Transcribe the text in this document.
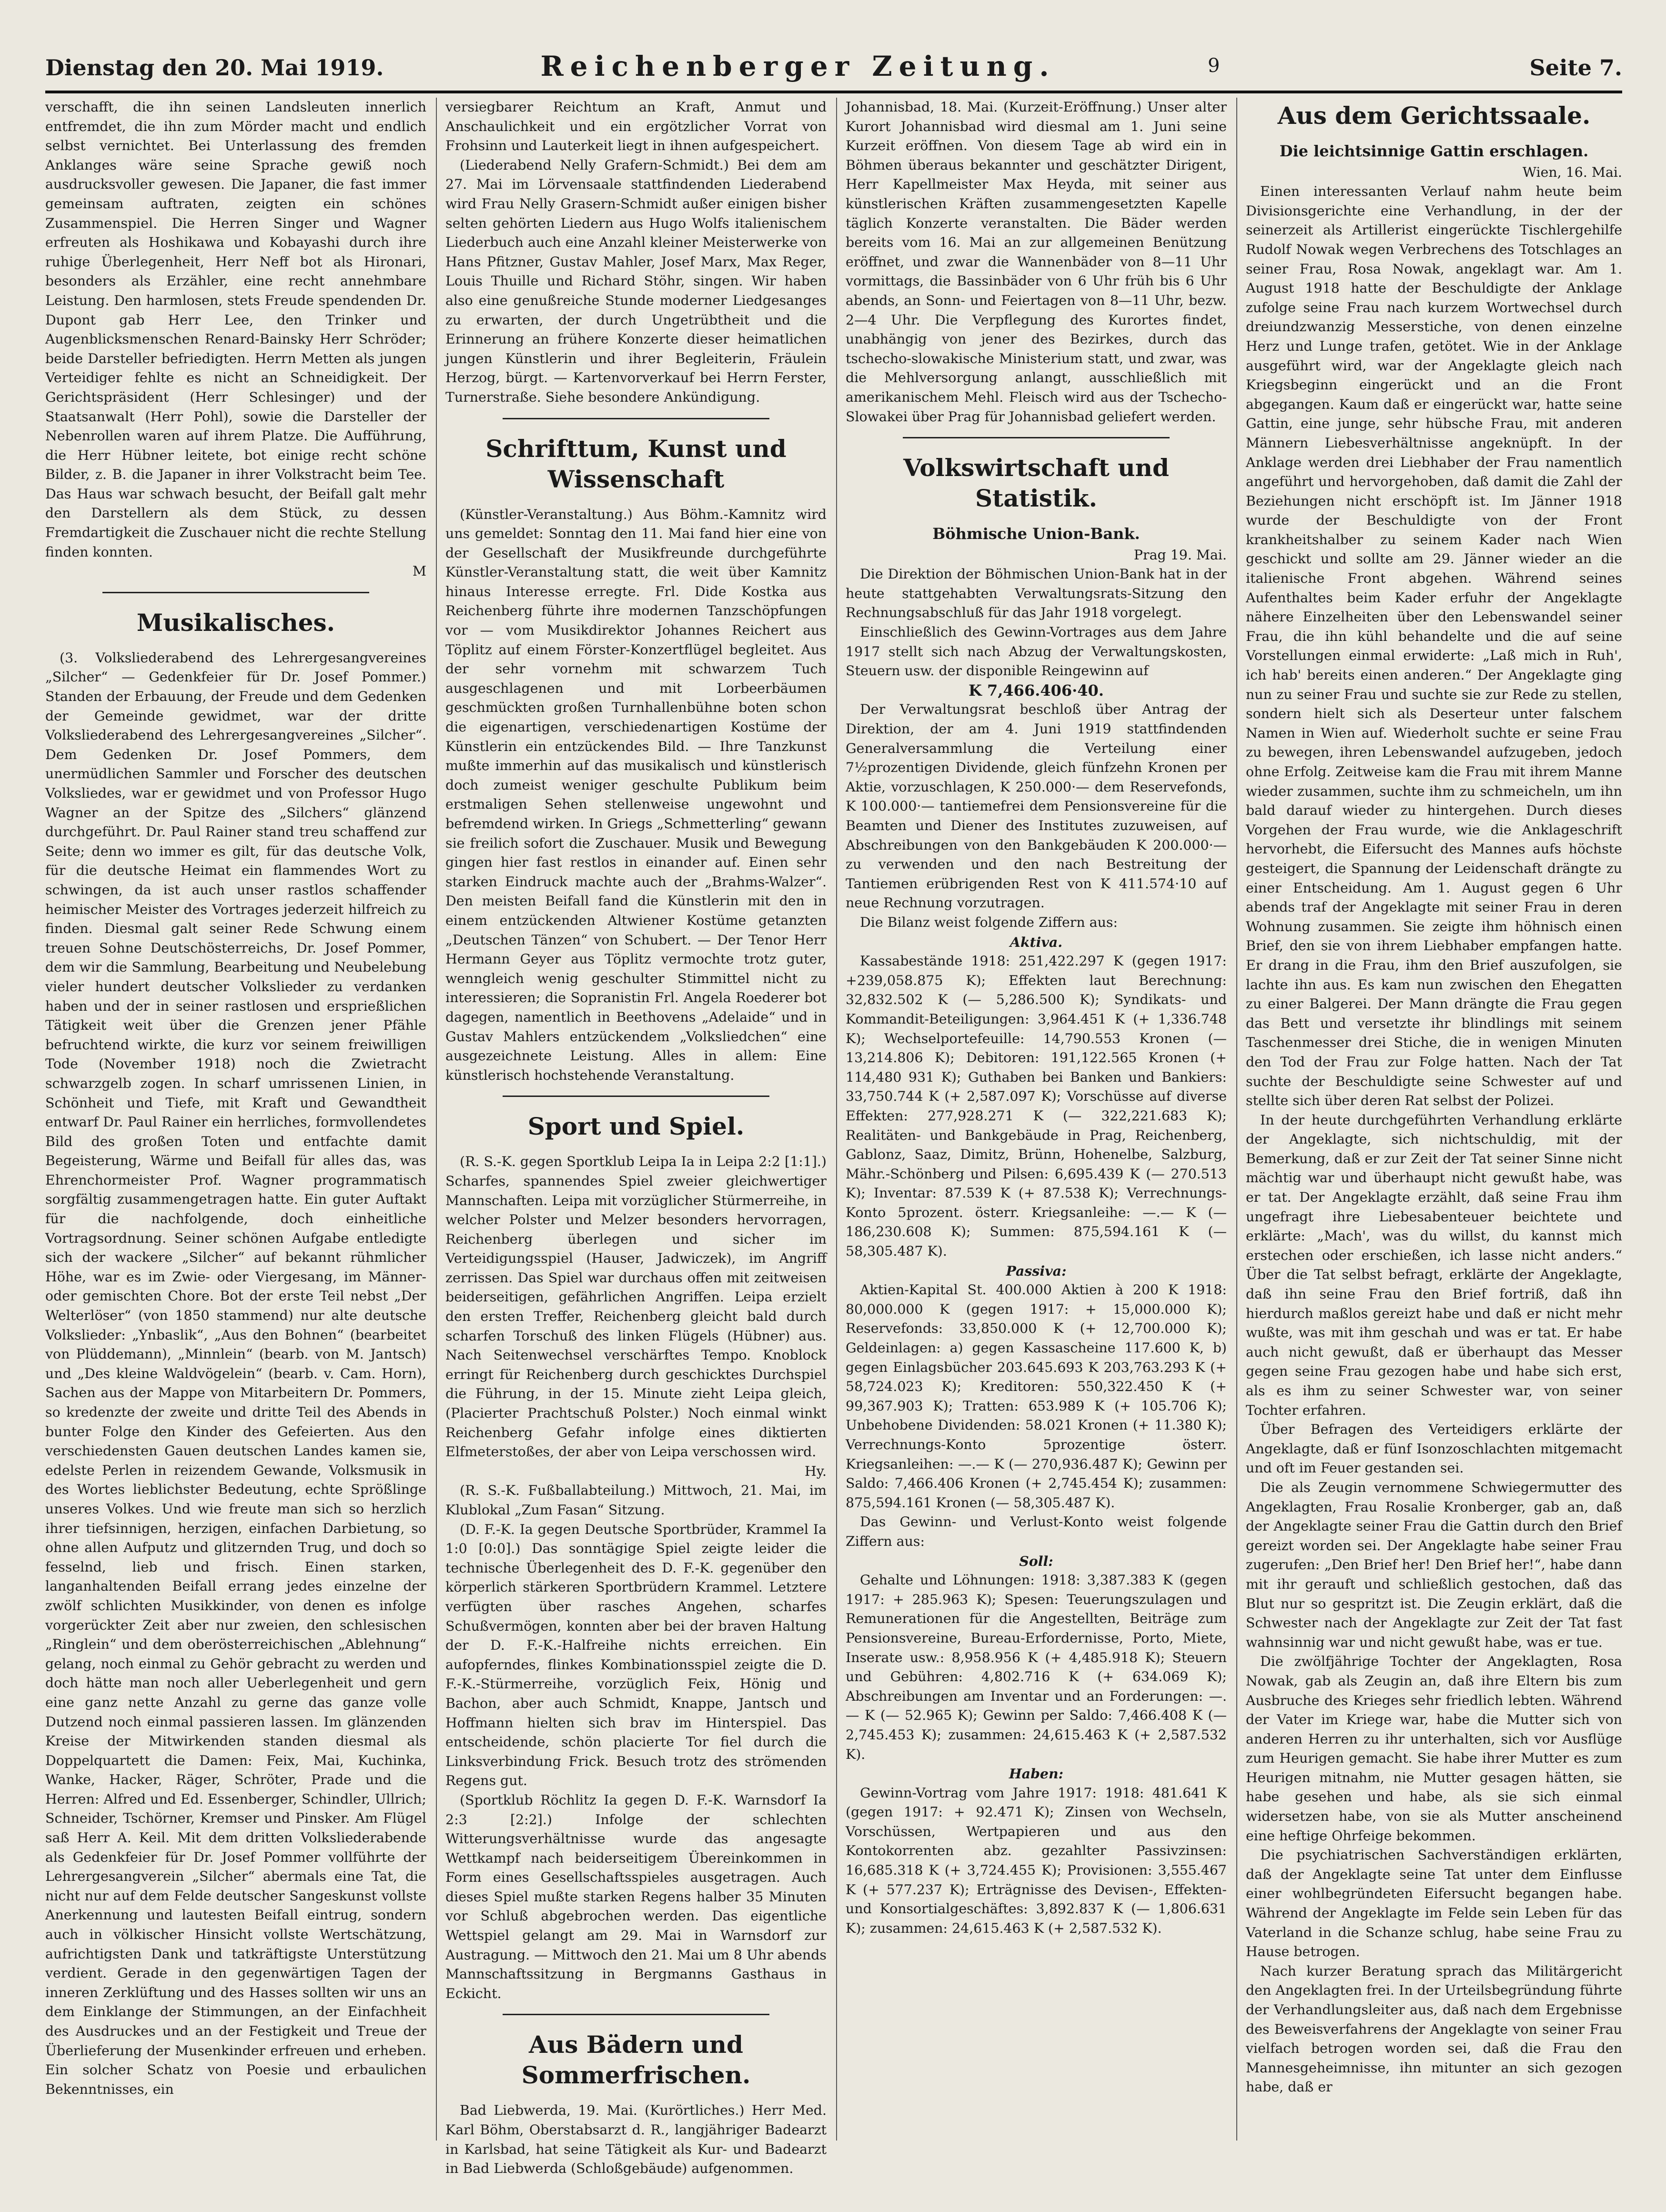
Dienstag den 20. Mai 1919.	Reichenberger Zeitung.	9	Seite 7.

verschafft, die ihn seinen Landsleuten innerlich entfremdet, die ihn zum Mörder macht und endlich selbst vernichtet. Bei Unterlassung des fremden Anklanges wäre seine Sprache gewiß noch ausdrucksvoller gewesen. Die Japaner, die fast immer gemeinsam auftraten, zeigten ein schönes Zusammenspiel. Die Herren Singer und Wagner erfreuten als Hoshikawa und Kobayashi durch ihre ruhige Überlegenheit, Herr Neff bot als Hironari, besonders als Erzähler, eine recht annehmbare Leistung. Den harmlosen, stets Freude spendenden Dr. Dupont gab Herr Lee, den Trinker und Augenblicksmenschen Renard-Bainsky Herr Schröder; beide Darsteller befriedigten. Herrn Metten als jungen Verteidiger fehlte es nicht an Schneidigkeit. Der Gerichtspräsident (Herr Schlesinger) und der Staatsanwalt (Herr Pohl), sowie die Darsteller der Nebenrollen waren auf ihrem Platze. Die Aufführung, die Herr Hübner leitete, bot einige recht schöne Bilder, z. B. die Japaner in ihrer Volkstracht beim Tee. Das Haus war schwach besucht, der Beifall galt mehr den Darstellern als dem Stück, zu dessen Fremdartigkeit die Zuschauer nicht die rechte Stellung finden konnten.

M
Musikalisches.

(3. Volksliederabend des Lehrergesangvereines „Silcher“ — Gedenkfeier für Dr. Josef Pommer.) Standen der Erbauung, der Freude und dem Gedenken der Gemeinde gewidmet, war der dritte Volksliederabend des Lehrergesangvereines „Silcher“. Dem Gedenken Dr. Josef Pommers, dem unermüdlichen Sammler und Forscher des deutschen Volksliedes, war er gewidmet und von Professor Hugo Wagner an der Spitze des „Silchers“ glänzend durchgeführt. Dr. Paul Rainer stand treu schaffend zur Seite; denn wo immer es gilt, für das deutsche Volk, für die deutsche Heimat ein flammendes Wort zu schwingen, da ist auch unser rastlos schaffender heimischer Meister des Vortrages jederzeit hilfreich zu finden. Diesmal galt seiner Rede Schwung einem treuen Sohne Deutschösterreichs, Dr. Josef Pommer, dem wir die Sammlung, Bearbeitung und Neubelebung vieler hundert deutscher Volkslieder zu verdanken haben und der in seiner rastlosen und ersprießlichen Tätigkeit weit über die Grenzen jener Pfähle befruchtend wirkte, die kurz vor seinem freiwilligen Tode (November 1918) noch die Zwietracht schwarzgelb zogen. In scharf umrissenen Linien, in Schönheit und Tiefe, mit Kraft und Gewandtheit entwarf Dr. Paul Rainer ein herrliches, formvollendetes Bild des großen Toten und entfachte damit Begeisterung, Wärme und Beifall für alles das, was Ehrenchormeister Prof. Wagner programmatisch sorgfältig zusammengetragen hatte. Ein guter Auftakt für die nachfolgende, doch einheitliche Vortragsordnung. Seiner schönen Aufgabe entledigte sich der wackere „Silcher“ auf bekannt rühmlicher Höhe, war es im Zwie- oder Viergesang, im Männer- oder gemischten Chore. Bot der erste Teil nebst „Der Welterlöser“ (von 1850 stammend) nur alte deutsche Volkslieder: „Ynbaslik“, „Aus den Bohnen“ (bearbeitet von Plüddemann), „Minnlein“ (bearb. von M. Jantsch) und „Des kleine Waldvögelein“ (bearb. v. Cam. Horn), Sachen aus der Mappe von Mitarbeitern Dr. Pommers, so kredenzte der zweite und dritte Teil des Abends in bunter Folge den Kinder des Gefeierten. Aus den verschiedensten Gauen deutschen Landes kamen sie, edelste Perlen in reizendem Gewande, Volksmusik in des Wortes lieblichster Bedeutung, echte Sprößlinge unseres Volkes. Und wie freute man sich so herzlich ihrer tiefsinnigen, herzigen, einfachen Darbietung, so ohne allen Aufputz und glitzernden Trug, und doch so fesselnd, lieb und frisch. Einen starken, langanhaltenden Beifall errang jedes einzelne der zwölf schlichten Musikkinder, von denen es infolge vorgerückter Zeit aber nur zweien, den schlesischen „Ringlein“ und dem oberösterreichischen „Ablehnung“ gelang, noch einmal zu Gehör gebracht zu werden und doch hätte man noch aller Ueberlegenheit und gern eine ganz nette Anzahl zu gerne das ganze volle Dutzend noch einmal passieren lassen. Im glänzenden Kreise der Mitwirkenden standen diesmal als Doppelquartett die Damen: Feix, Mai, Kuchinka, Wanke, Hacker, Räger, Schröter, Prade und die Herren: Alfred und Ed. Essenberger, Schindler, Ullrich; Schneider, Tschörner, Kremser und Pinsker. Am Flügel saß Herr A. Keil. Mit dem dritten Volksliederabende als Gedenkfeier für Dr. Josef Pommer vollführte der Lehrergesangverein „Silcher“ abermals eine Tat, die nicht nur auf dem Felde deutscher Sangeskunst vollste Anerkennung und lautesten Beifall eintrug, sondern auch in völkischer Hinsicht vollste Wertschätzung, aufrichtigsten Dank und tatkräftigste Unterstützung verdient. Gerade in den gegenwärtigen Tagen der inneren Zerklüftung und des Hasses sollten wir uns an dem Einklange der Stimmungen, an der Einfachheit des Ausdruckes und an der Festigkeit und Treue der Überlieferung der Musenkinder erfreuen und erheben. Ein solcher Schatz von Poesie und erbaulichen Bekenntnisses, ein

versiegbarer Reichtum an Kraft, Anmut und Anschaulichkeit und ein ergötzlicher Vorrat von Frohsinn und Lauterkeit liegt in ihnen aufgespeichert.

(Liederabend Nelly Grafern-Schmidt.) Bei dem am 27. Mai im Lörvensaale stattfindenden Liederabend wird Frau Nelly Grasern-Schmidt außer einigen bisher selten gehörten Liedern aus Hugo Wolfs italienischem Liederbuch auch eine Anzahl kleiner Meisterwerke von Hans Pfitzner, Gustav Mahler, Josef Marx, Max Reger, Louis Thuille und Richard Stöhr, singen. Wir haben also eine genußreiche Stunde moderner Liedgesanges zu erwarten, der durch Ungetrübtheit und die Erinnerung an frühere Konzerte dieser heimatlichen jungen Künstlerin und ihrer Begleiterin, Fräulein Herzog, bürgt. — Kartenvorverkauf bei Herrn Ferster, Turnerstraße. Siehe besondere Ankündigung.

Schrifttum, Kunst und Wissenschaft

(Künstler-Veranstaltung.) Aus Böhm.-Kamnitz wird uns gemeldet: Sonntag den 11. Mai fand hier eine von der Gesellschaft der Musikfreunde durchgeführte Künstler-Veranstaltung statt, die weit über Kamnitz hinaus Interesse erregte. Frl. Dide Kostka aus Reichenberg führte ihre modernen Tanzschöpfungen vor — vom Musikdirektor Johannes Reichert aus Töplitz auf einem Förster-Konzertflügel begleitet. Aus der sehr vornehm mit schwarzem Tuch ausgeschlagenen und mit Lorbeerbäumen geschmückten großen Turnhallenbühne boten schon die eigenartigen, verschiedenartigen Kostüme der Künstlerin ein entzückendes Bild. — Ihre Tanzkunst mußte immerhin auf das musikalisch und künstlerisch doch zumeist weniger geschulte Publikum beim erstmaligen Sehen stellenweise ungewohnt und befremdend wirken. In Griegs „Schmetterling“ gewann sie freilich sofort die Zuschauer. Musik und Bewegung gingen hier fast restlos in einander auf. Einen sehr starken Eindruck machte auch der „Brahms-Walzer“. Den meisten Beifall fand die Künstlerin mit den in einem entzückenden Altwiener Kostüme getanzten „Deutschen Tänzen“ von Schubert. — Der Tenor Herr Hermann Geyer aus Töplitz vermochte trotz guter, wenngleich wenig geschulter Stimmittel nicht zu interessieren; die Sopranistin Frl. Angela Roederer bot dagegen, namentlich in Beethovens „Adelaide“ und in Gustav Mahlers entzückendem „Volksliedchen“ eine ausgezeichnete Leistung. Alles in allem: Eine künstlerisch hochstehende Veranstaltung.

Sport und Spiel.

(R. S.-K. gegen Sportklub Leipa Ia in Leipa 2:2 [1:1].) Scharfes, spannendes Spiel zweier gleichwertiger Mannschaften. Leipa mit vorzüglicher Stürmerreihe, in welcher Polster und Melzer besonders hervorragen, Reichenberg überlegen und sicher im Verteidigungsspiel (Hauser, Jadwiczek), im Angriff zerrissen. Das Spiel war durchaus offen mit zeitweisen beiderseitigen, gefährlichen Angriffen. Leipa erzielt den ersten Treffer, Reichenberg gleicht bald durch scharfen Torschuß des linken Flügels (Hübner) aus. Nach Seitenwechsel verschärftes Tempo. Knoblock erringt für Reichenberg durch geschicktes Durchspiel die Führung, in der 15. Minute zieht Leipa gleich, (Placierter Prachtschuß Polster.) Noch einmal winkt Reichenberg Gefahr infolge eines diktierten Elfmeterstoßes, der aber von Leipa verschossen wird.

Hy.

(R. S.-K. Fußballabteilung.) Mittwoch, 21. Mai, im Klublokal „Zum Fasan“ Sitzung.

(D. F.-K. Ia gegen Deutsche Sportbrüder, Krammel Ia 1:0 [0:0].) Das sonntägige Spiel zeigte leider die technische Überlegenheit des D. F.-K. gegenüber den körperlich stärkeren Sportbrüdern Krammel. Letztere verfügten über rasches Angehen, scharfes Schußvermögen, konnten aber bei der braven Haltung der D. F.-K.-Halfreihe nichts erreichen. Ein aufopferndes, flinkes Kombinationsspiel zeigte die D. F.-K.-Stürmerreihe, vorzüglich Feix, Hönig und Bachon, aber auch Schmidt, Knappe, Jantsch und Hoffmann hielten sich brav im Hinterspiel. Das entscheidende, schön placierte Tor fiel durch die Linksverbindung Frick. Besuch trotz des strömenden Regens gut.

(Sportklub Röchlitz Ia gegen D. F.-K. Warnsdorf Ia 2:3 [2:2].) Infolge der schlechten Witterungsverhältnisse wurde das angesagte Wettkampf nach beiderseitigem Übereinkommen in Form eines Gesellschaftsspieles ausgetragen. Auch dieses Spiel mußte starken Regens halber 35 Minuten vor Schluß abgebrochen werden. Das eigentliche Wettspiel gelangt am 29. Mai in Warnsdorf zur Austragung. — Mittwoch den 21. Mai um 8 Uhr abends Mannschaftssitzung in Bergmanns Gasthaus in Eckicht.

Aus Bädern und Sommerfrischen.

Bad Liebwerda, 19. Mai. (Kurörtliches.) Herr Med. Karl Böhm, Oberstabsarzt d. R., langjähriger Badearzt in Karlsbad, hat seine Tätigkeit als Kur- und Badearzt in Bad Liebwerda (Schloßgebäude) aufgenommen.

Johannisbad, 18. Mai. (Kurzeit-Eröffnung.) Unser alter Kurort Johannisbad wird diesmal am 1. Juni seine Kurzeit eröffnen. Von diesem Tage ab wird ein in Böhmen überaus bekannter und geschätzter Dirigent, Herr Kapellmeister Max Heyda, mit seiner aus künstlerischen Kräften zusammengesetzten Kapelle täglich Konzerte veranstalten. Die Bäder werden bereits vom 16. Mai an zur allgemeinen Benützung eröffnet, und zwar die Wannenbäder von 8—11 Uhr vormittags, die Bassinbäder von 6 Uhr früh bis 6 Uhr abends, an Sonn- und Feiertagen von 8—11 Uhr, bezw. 2—4 Uhr. Die Verpflegung des Kurortes findet, unabhängig von jener des Bezirkes, durch das tschecho-slowakische Ministerium statt, und zwar, was die Mehlversorgung anlangt, ausschließlich mit amerikanischem Mehl. Fleisch wird aus der Tschecho-Slowakei über Prag für Johannisbad geliefert werden.

Volkswirtschaft und Statistik.
Böhmische Union-Bank.
Prag 19. Mai.

Die Direktion der Böhmischen Union-Bank hat in der heute stattgehabten Verwaltungsrats-Sitzung den Rechnungsabschluß für das Jahr 1918 vorgelegt.

Einschließlich des Gewinn-Vortrages aus dem Jahre 1917 stellt sich nach Abzug der Verwaltungskosten, Steuern usw. der disponible Reingewinn auf

K 7,466.406·40.

Der Verwaltungsrat beschloß über Antrag der Direktion, der am 4. Juni 1919 stattfindenden Generalversammlung die Verteilung einer 7½prozentigen Dividende, gleich fünfzehn Kronen per Aktie, vorzuschlagen, K 250.000·— dem Reservefonds, K 100.000·— tantiemefrei dem Pensionsvereine für die Beamten und Diener des Institutes zuzuweisen, auf Abschreibungen von den Bankgebäuden K 200.000·— zu verwenden und den nach Bestreitung der Tantiemen erübrigenden Rest von K 411.574·10 auf neue Rechnung vorzutragen.

Die Bilanz weist folgende Ziffern aus:

Aktiva.

Kassabestände 1918: 251,422.297 K (gegen 1917: +239,058.875 K); Effekten laut Berechnung: 32,832.502 K (— 5,286.500 K); Syndikats- und Kommandit-Beteiligungen: 3,964.451 K (+ 1,336.748 K); Wechselportefeuille: 14,790.553 Kronen (— 13,214.806 K); Debitoren: 191,122.565 Kronen (+ 114,480 931 K); Guthaben bei Banken und Bankiers: 33,750.744 K (+ 2,587.097 K); Vorschüsse auf diverse Effekten: 277,928.271 K (— 322,221.683 K); Realitäten- und Bankgebäude in Prag, Reichenberg, Gablonz, Saaz, Dimitz, Brünn, Hohenelbe, Salzburg, Mähr.-Schönberg und Pilsen: 6,695.439 K (— 270.513 K); Inventar: 87.539 K (+ 87.538 K); Verrechnungs-Konto 5prozent. österr. Kriegsanleihe: —.— K (— 186,230.608 K); Summen: 875,594.161 K (— 58,305.487 K).

Passiva:

Aktien-Kapital St. 400.000 Aktien à 200 K 1918: 80,000.000 K (gegen 1917: + 15,000.000 K); Reservefonds: 33,850.000 K (+ 12,700.000 K); Geldeinlagen: a) gegen Kassascheine 117.600 K, b) gegen Einlagsbücher 203.645.693 K 203,763.293 K (+ 58,724.023 K); Kreditoren: 550,322.450 K (+ 99,367.903 K); Tratten: 653.989 K (+ 105.706 K); Unbehobene Dividenden: 58.021 Kronen (+ 11.380 K); Verrechnungs-Konto 5prozentige österr. Kriegsanleihen: —.— K (— 270,936.487 K); Gewinn per Saldo: 7,466.406 Kronen (+ 2,745.454 K); zusammen: 875,594.161 Kronen (— 58,305.487 K).

Das Gewinn- und Verlust-Konto weist folgende Ziffern aus:

Soll:

Gehalte und Löhnungen: 1918: 3,387.383 K (gegen 1917: + 285.963 K); Spesen: Teuerungszulagen und Remunerationen für die Angestellten, Beiträge zum Pensionsvereine, Bureau-Erfordernisse, Porto, Miete, Inserate usw.: 8,958.956 K (+ 4,485.918 K); Steuern und Gebühren: 4,802.716 K (+ 634.069 K); Abschreibungen am Inventar und an Forderungen: —.— K (— 52.965 K); Gewinn per Saldo: 7,466.408 K (— 2,745.453 K); zusammen: 24,615.463 K (+ 2,587.532 K).

Haben:

Gewinn-Vortrag vom Jahre 1917: 1918: 481.641 K (gegen 1917: + 92.471 K); Zinsen von Wechseln, Vorschüssen, Wertpapieren und aus den Kontokorrenten abz. gezahlter Passivzinsen: 16,685.318 K (+ 3,724.455 K); Provisionen: 3,555.467 K (+ 577.237 K); Erträgnisse des Devisen-, Effekten- und Konsortialgeschäftes: 3,892.837 K (— 1,806.631 K); zusammen: 24,615.463 K (+ 2,587.532 K).

Aus dem Gerichtssaale.
Die leichtsinnige Gattin erschlagen.
Wien, 16. Mai.

Einen interessanten Verlauf nahm heute beim Divisionsgerichte eine Verhandlung, in der der seinerzeit als Artillerist eingerückte Tischlergehilfe Rudolf Nowak wegen Verbrechens des Totschlages an seiner Frau, Rosa Nowak, angeklagt war. Am 1. August 1918 hatte der Beschuldigte der Anklage zufolge seine Frau nach kurzem Wortwechsel durch dreiundzwanzig Messerstiche, von denen einzelne Herz und Lunge trafen, getötet. Wie in der Anklage ausgeführt wird, war der Angeklagte gleich nach Kriegsbeginn eingerückt und an die Front abgegangen. Kaum daß er eingerückt war, hatte seine Gattin, eine junge, sehr hübsche Frau, mit anderen Männern Liebesverhältnisse angeknüpft. In der Anklage werden drei Liebhaber der Frau namentlich angeführt und hervorgehoben, daß damit die Zahl der Beziehungen nicht erschöpft ist. Im Jänner 1918 wurde der Beschuldigte von der Front krankheitshalber zu seinem Kader nach Wien geschickt und sollte am 29. Jänner wieder an die italienische Front abgehen. Während seines Aufenthaltes beim Kader erfuhr der Angeklagte nähere Einzelheiten über den Lebenswandel seiner Frau, die ihn kühl behandelte und die auf seine Vorstellungen einmal erwiderte: „Laß mich in Ruh', ich hab' bereits einen anderen.“ Der Angeklagte ging nun zu seiner Frau und suchte sie zur Rede zu stellen, sondern hielt sich als Deserteur unter falschem Namen in Wien auf. Wiederholt suchte er seine Frau zu bewegen, ihren Lebenswandel aufzugeben, jedoch ohne Erfolg. Zeitweise kam die Frau mit ihrem Manne wieder zusammen, suchte ihm zu schmeicheln, um ihn bald darauf wieder zu hintergehen. Durch dieses Vorgehen der Frau wurde, wie die Anklageschrift hervorhebt, die Eifersucht des Mannes aufs höchste gesteigert, die Spannung der Leidenschaft drängte zu einer Entscheidung. Am 1. August gegen 6 Uhr abends traf der Angeklagte mit seiner Frau in deren Wohnung zusammen. Sie zeigte ihm höhnisch einen Brief, den sie von ihrem Liebhaber empfangen hatte. Er drang in die Frau, ihm den Brief auszufolgen, sie lachte ihn aus. Es kam nun zwischen den Ehegatten zu einer Balgerei. Der Mann drängte die Frau gegen das Bett und versetzte ihr blindlings mit seinem Taschenmesser drei Stiche, die in wenigen Minuten den Tod der Frau zur Folge hatten. Nach der Tat suchte der Beschuldigte seine Schwester auf und stellte sich über deren Rat selbst der Polizei.

In der heute durchgeführten Verhandlung erklärte der Angeklagte, sich nichtschuldig, mit der Bemerkung, daß er zur Zeit der Tat seiner Sinne nicht mächtig war und überhaupt nicht gewußt habe, was er tat. Der Angeklagte erzählt, daß seine Frau ihm ungefragt ihre Liebesabenteuer beichtete und erklärte: „Mach', was du willst, du kannst mich erstechen oder erschießen, ich lasse nicht anders.“ Über die Tat selbst befragt, erklärte der Angeklagte, daß ihn seine Frau den Brief fortriß, daß ihn hierdurch maßlos gereizt habe und daß er nicht mehr wußte, was mit ihm geschah und was er tat. Er habe auch nicht gewußt, daß er überhaupt das Messer gegen seine Frau gezogen habe und habe sich erst, als es ihm zu seiner Schwester war, von seiner Tochter erfahren.

Über Befragen des Verteidigers erklärte der Angeklagte, daß er fünf Isonzoschlachten mitgemacht und oft im Feuer gestanden sei.

Die als Zeugin vernommene Schwiegermutter des Angeklagten, Frau Rosalie Kronberger, gab an, daß der Angeklagte seiner Frau die Gattin durch den Brief gereizt worden sei. Der Angeklagte habe seiner Frau zugerufen: „Den Brief her! Den Brief her!“, habe dann mit ihr gerauft und schließlich gestochen, daß das Blut nur so gespritzt ist. Die Zeugin erklärt, daß die Schwester nach der Angeklagte zur Zeit der Tat fast wahnsinnig war und nicht gewußt habe, was er tue.

Die zwölfjährige Tochter der Angeklagten, Rosa Nowak, gab als Zeugin an, daß ihre Eltern bis zum Ausbruche des Krieges sehr friedlich lebten. Während der Vater im Kriege war, habe die Mutter sich von anderen Herren zu ihr unterhalten, sich vor Ausflüge zum Heurigen gemacht. Sie habe ihrer Mutter es zum Heurigen mitnahm, nie Mutter gesagen hätten, sie habe gesehen und habe, als sie sich einmal widersetzen habe, von sie als Mutter anscheinend eine heftige Ohrfeige bekommen.

Die psychiatrischen Sachverständigen erklärten, daß der Angeklagte seine Tat unter dem Einflusse einer wohlbegründeten Eifersucht begangen habe. Während der Angeklagte im Felde sein Leben für das Vaterland in die Schanze schlug, habe seine Frau zu Hause betrogen.

Nach kurzer Beratung sprach das Militärgericht den Angeklagten frei. In der Urteilsbegründung führte der Verhandlungsleiter aus, daß nach dem Ergebnisse des Beweisverfahrens der Angeklagte von seiner Frau vielfach betrogen worden sei, daß die Frau den Mannesgeheimnisse, ihn mitunter an sich gezogen habe, daß er
